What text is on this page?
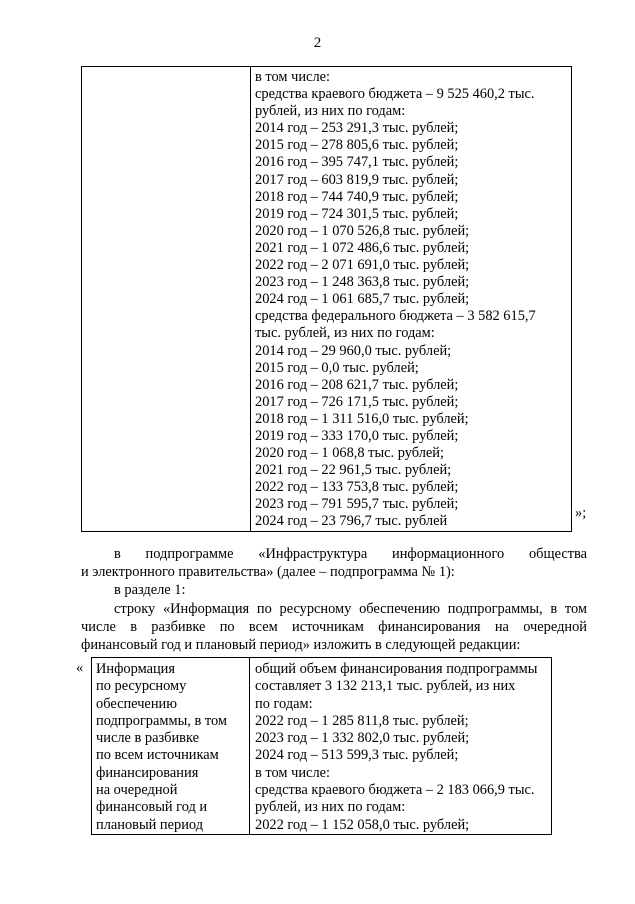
2
в том числе:
средства краевого бюджета – 9 525 460,2 тыс.
рублей, из них по годам:
2014 год – 253 291,3 тыс. рублей;
2015 год – 278 805,6 тыс. рублей;
2016 год – 395 747,1 тыс. рублей;
2017 год – 603 819,9 тыс. рублей;
2018 год – 744 740,9 тыс. рублей;
2019 год – 724 301,5 тыс. рублей;
2020 год – 1 070 526,8 тыс. рублей;
2021 год – 1 072 486,6 тыс. рублей;
2022 год – 2 071 691,0 тыс. рублей;
2023 год – 1 248 363,8 тыс. рублей;
2024 год – 1 061 685,7 тыс. рублей;
средства федерального бюджета – 3 582 615,7
тыс. рублей, из них по годам:
2014 год – 29 960,0 тыс. рублей;
2015 год – 0,0 тыс. рублей;
2016 год – 208 621,7 тыс. рублей;
2017 год – 726 171,5 тыс. рублей;
2018 год – 1 311 516,0 тыс. рублей;
2019 год – 333 170,0 тыс. рублей;
2020 год – 1 068,8 тыс. рублей;
2021 год – 22 961,5 тыс. рублей;
2022 год – 133 753,8 тыс. рублей;
2023 год – 791 595,7 тыс. рублей;
2024 год – 23 796,7 тыс. рублей
»;
в подпрограмме «Инфраструктура информационного общества
и электронного правительства» (далее – подпрограмма № 1):
в разделе 1:
строку «Информация по ресурсному обеспечению подпрограммы, в том
числе в разбивке по всем источникам финансирования на очередной
финансовый год и плановый период» изложить в следующей редакции:
« Информация
по ресурсному
обеспечению
подпрограммы, в том
числе в разбивке
по всем источникам
финансирования
на очередной
финансовый год и
плановый период
общий объем финансирования подпрограммы
составляет 3 132 213,1 тыс. рублей, из них
по годам:
2022 год – 1 285 811,8 тыс. рублей;
2023 год – 1 332 802,0 тыс. рублей;
2024 год – 513 599,3 тыс. рублей;
в том числе:
средства краевого бюджета – 2 183 066,9 тыс.
рублей, из них по годам:
2022 год – 1 152 058,0 тыс. рублей;
